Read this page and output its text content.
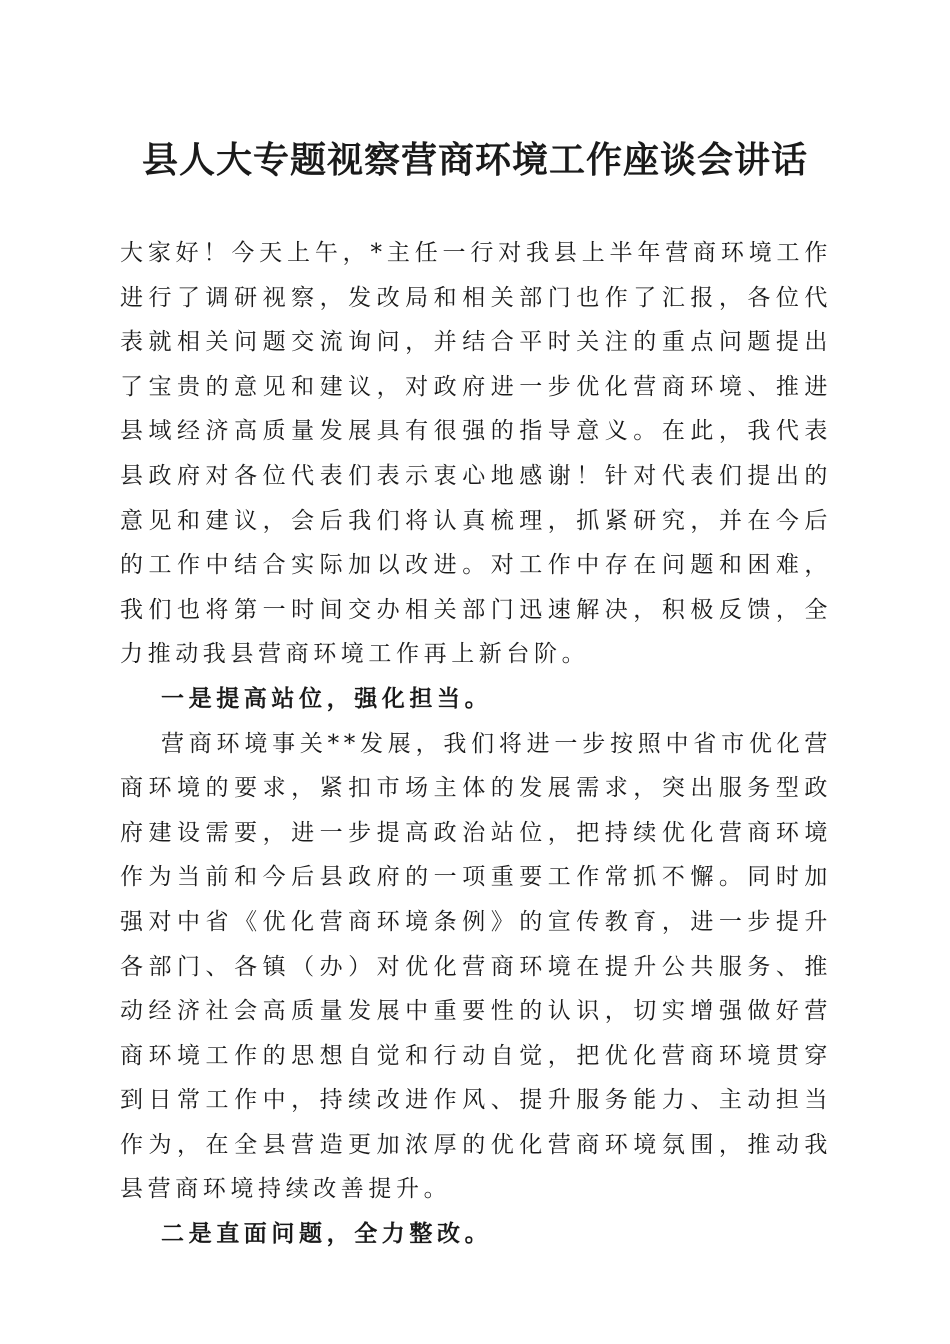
县人大专题视察营商环境工作座谈会讲话

大家好！今天上午，*主任一行对我县上半年营商环境工作进行了调研视察，发改局和相关部门也作了汇报，各位代表就相关问题交流询问，并结合平时关注的重点问题提出了宝贵的意见和建议，对政府进一步优化营商环境、推进县域经济高质量发展具有很强的指导意义。在此，我代表县政府对各位代表们表示衷心地感谢！针对代表们提出的意见和建议，会后我们将认真梳理，抓紧研究，并在今后的工作中结合实际加以改进。对工作中存在问题和困难，我们也将第一时间交办相关部门迅速解决，积极反馈，全力推动我县营商环境工作再上新台阶。

一是提高站位，强化担当。

营商环境事关**发展，我们将进一步按照中省市优化营商环境的要求，紧扣市场主体的发展需求，突出服务型政府建设需要，进一步提高政治站位，把持续优化营商环境作为当前和今后县政府的一项重要工作常抓不懈。同时加强对中省《优化营商环境条例》的宣传教育，进一步提升各部门、各镇（办）对优化营商环境在提升公共服务、推动经济社会高质量发展中重要性的认识，切实增强做好营商环境工作的思想自觉和行动自觉，把优化营商环境贯穿到日常工作中，持续改进作风、提升服务能力、主动担当作为，在全县营造更加浓厚的优化营商环境氛围，推动我县营商环境持续改善提升。

二是直面问题，全力整改。
